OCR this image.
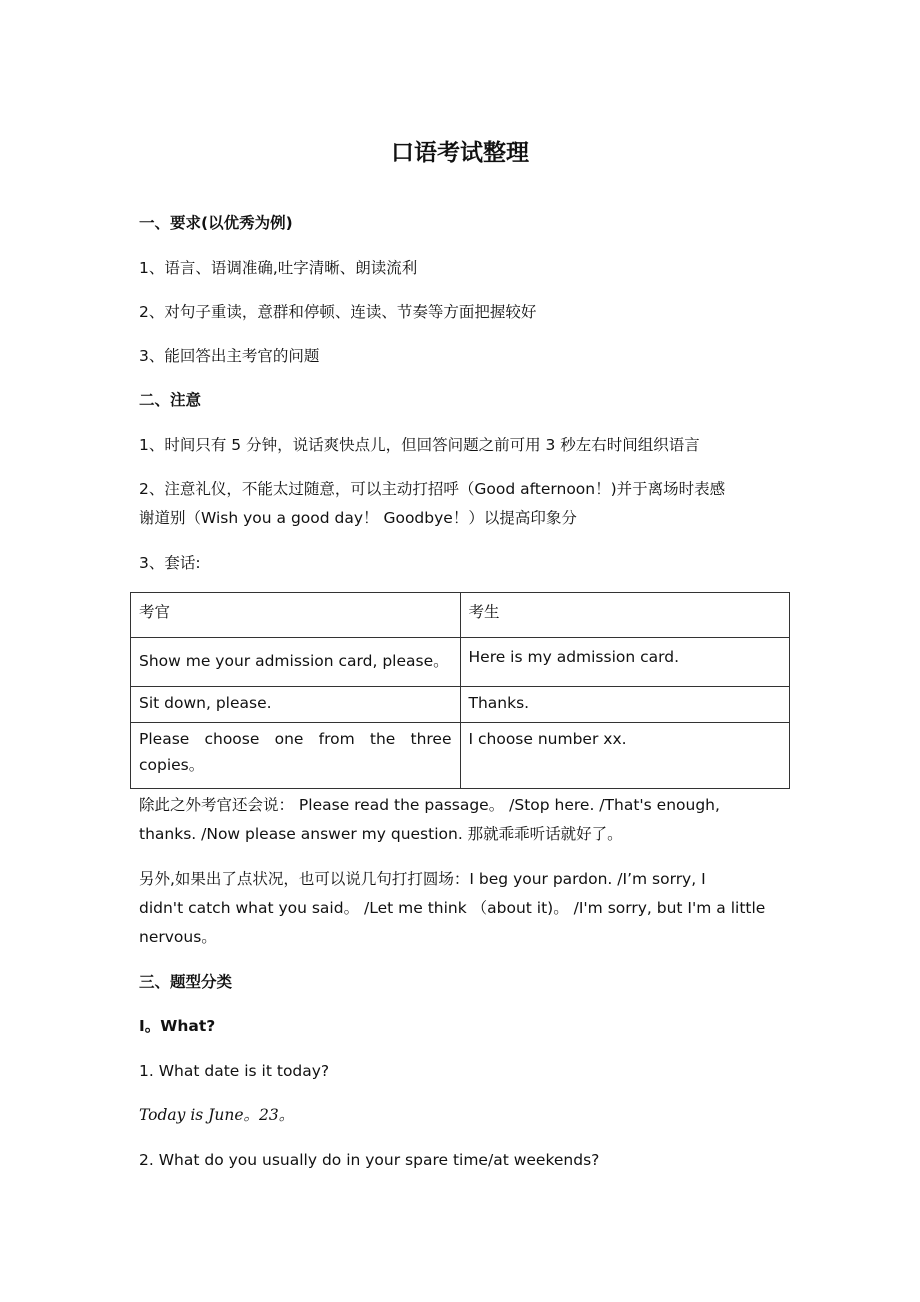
口语考试整理
一、要求(以优秀为例)
1、语言、语调准确,吐字清晰、朗读流利
2、对句子重读，意群和停顿、连读、节奏等方面把握较好
3、能回答出主考官的问题
二、注意
1、时间只有 5 分钟，说话爽快点儿，但回答问题之前可用 3 秒左右时间组织语言
2、注意礼仪，不能太过随意，可以主动打招呼（Good afternoon！)并于离场时表感
谢道别（Wish you a good day！ Goodbye！）以提高印象分
3、套话:
考官	考生
Show me your admission card, please。	Here is my admission card.
Sit down, please.	Thanks.

Please choose one from the three
copies。	I choose number xx.
除此之外考官还会说： Please read the passage。 /Stop here. /That's enough,
thanks. /Now please answer my question. 那就乖乖听话就好了。
另外,如果出了点状况，也可以说几句打打圆场：I beg your pardon. /I’m sorry, I
didn't catch what you said。 /Let me think （about it)。 /I'm sorry, but I'm a little
nervous。
三、题型分类
Ⅰ。What?
1. What date is it today?
Today is June。23。
2. What do you usually do in your spare time/at weekends?
